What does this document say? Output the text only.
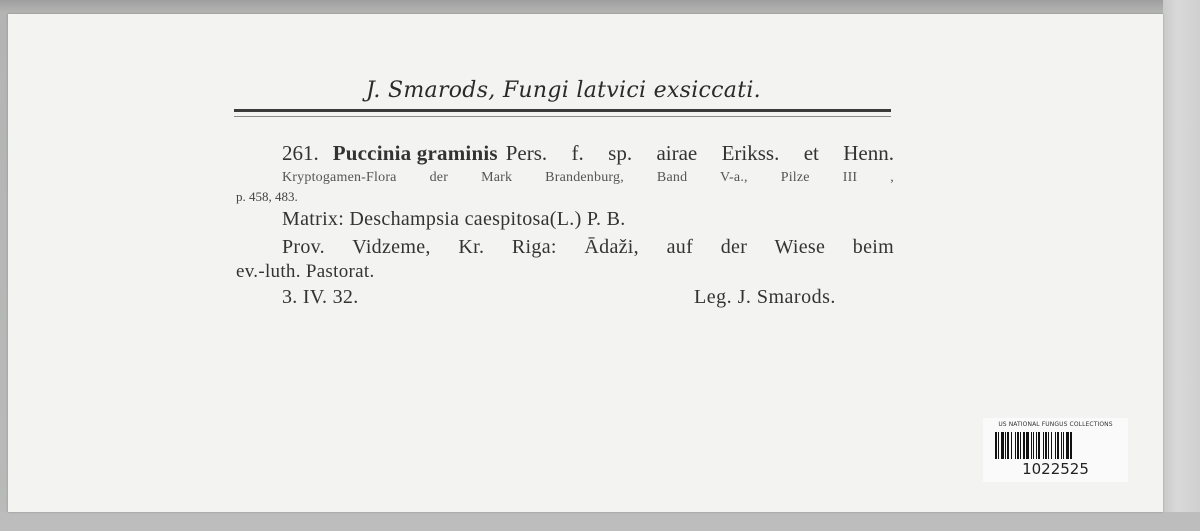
J. Smarods, Fungi latvici exsiccati.
261. Puccinia graminis Pers. f. sp. airae Erikss. et Henn.
Kryptogamen-Flora der Mark Brandenburg, Band V-a., Pilze III ,
p. 458, 483.
Matrix: Deschampsia caespitosa(L.) P. B.
Prov. Vidzeme, Kr. Riga: Ādaži, auf der Wiese beim
ev.-luth. Pastorat.
3. IV. 32.	Leg. J. Smarods.
US NATIONAL FUNGUS COLLECTIONS
1022525
